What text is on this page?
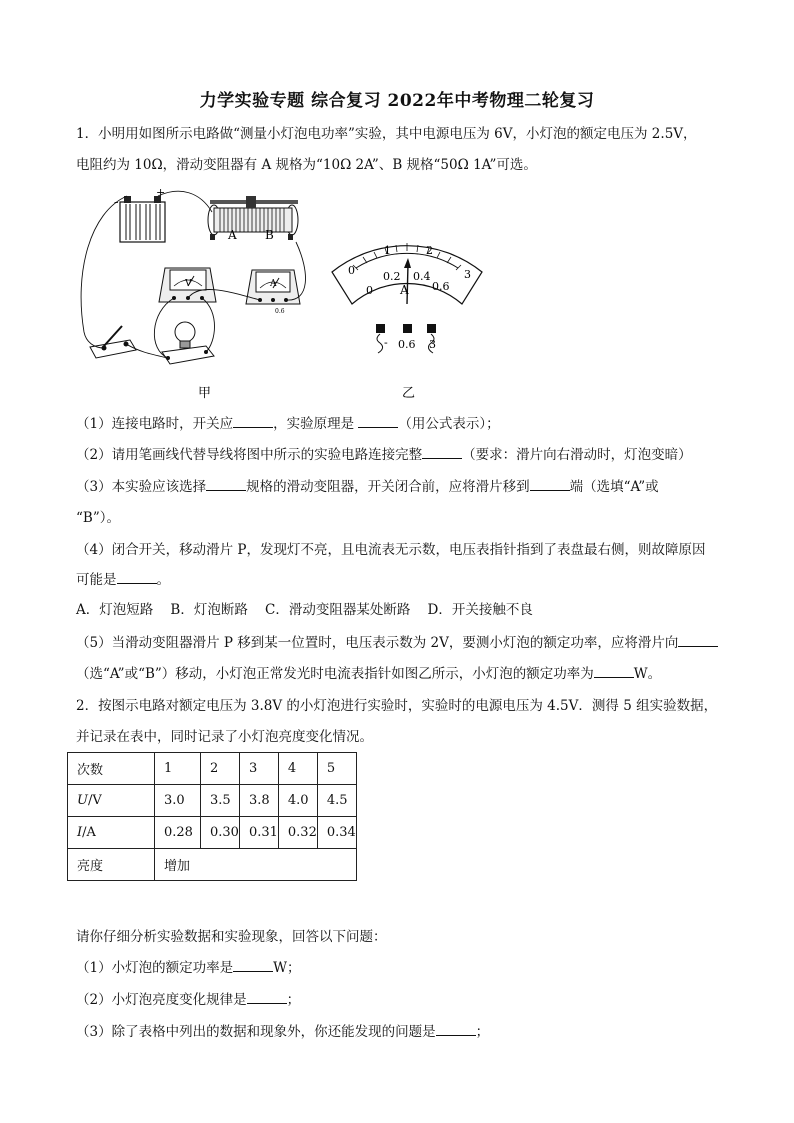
力学实验专题 综合复习 2022年中考物理二轮复习
1．小明用如图所示电路做“测量小灯泡电功率”实验，其中电源电压为 6V，小灯泡的额定电压为 2.5V，
电阻约为 10Ω，滑动变阻器有 A 规格为“10Ω 2A”、B 规格“50Ω 1A”可选。
-
+
A B
V	A
0.6
甲
0
1	2
3
0
0.2 0.4
0.6
A
- 0.6 3
乙
（1）连接电路时，开关应	，实验原理是	（用公式表示）；
（2）请用笔画线代替导线将图中所示的实验电路连接完整	（要求：滑片向右滑动时，灯泡变暗）
（3）本实验应该选择	规格的滑动变阻器，开关闭合前，应将滑片移到	端（选填“A”或
“B”）。
（4）闭合开关，移动滑片 P，发现灯不亮，且电流表无示数，电压表指针指到了表盘最右侧，则故障原因
可能是	。
A．灯泡短路    B．灯泡断路    C．滑动变阻器某处断路    D．开关接触不良
（5）当滑动变阻器滑片 P 移到某一位置时，电压表示数为 2V，要测小灯泡的额定功率，应将滑片向
（选“A”或“B”）移动，小灯泡正常发光时电流表指针如图乙所示，小灯泡的额定功率为	W。
2．按图示电路对额定电压为 3.8V 的小灯泡进行实验时，实验时的电源电压为 4.5V．测得 5 组实验数据，
并记录在表中，同时记录了小灯泡亮度变化情况。
次数	1	2	3	4	5
U/V	3.0	3.5	3.8	4.0	4.5
I/A	0.28	0.30	0.31	0.32	0.34
亮度	增加				
请你仔细分析实验数据和实验现象，回答以下问题：
（1）小灯泡的额定功率是	W；
（2）小灯泡亮度变化规律是	；
（3）除了表格中列出的数据和现象外，你还能发现的问题是	；
